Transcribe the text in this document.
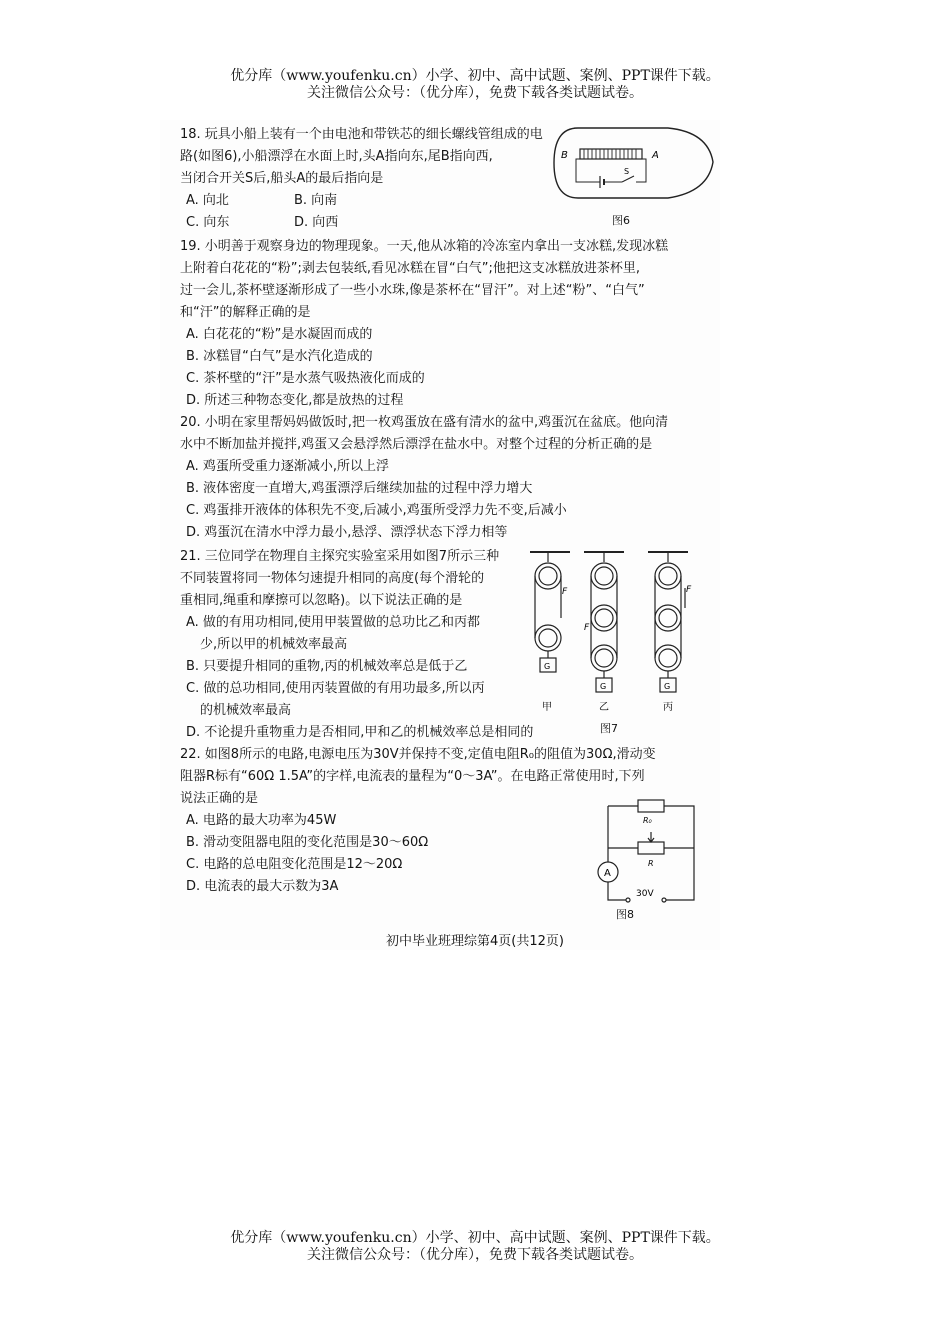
优分库（www.youfenku.cn）小学、初中、高中试题、案例、PPT课件下载。
关注微信公众号：（优分库），免费下载各类试题试卷。
18. 玩具小船上装有一个由电池和带铁芯的细长螺线管组成的电
路(如图6),小船漂浮在水面上时,头A指向东,尾B指向西,
当闭合开关S后,船头A的最后指向是
A. 向北	B. 向南
C. 向东	D. 向西
B	A
S
图6
19. 小明善于观察身边的物理现象。一天,他从冰箱的冷冻室内拿出一支冰糕,发现冰糕
上附着白花花的“粉”;剥去包装纸,看见冰糕在冒“白气”;他把这支冰糕放进茶杯里,
过一会儿,茶杯壁逐渐形成了一些小水珠,像是茶杯在“冒汗”。对上述“粉”、“白气”
和“汗”的解释正确的是
A. 白花花的“粉”是水凝固而成的
B. 冰糕冒“白气”是水汽化造成的
C. 茶杯壁的“汗”是水蒸气吸热液化而成的
D. 所述三种物态变化,都是放热的过程
20. 小明在家里帮妈妈做饭时,把一枚鸡蛋放在盛有清水的盆中,鸡蛋沉在盆底。他向清
水中不断加盐并搅拌,鸡蛋又会悬浮然后漂浮在盐水中。对整个过程的分析正确的是
A. 鸡蛋所受重力逐渐减小,所以上浮
B. 液体密度一直增大,鸡蛋漂浮后继续加盐的过程中浮力增大
C. 鸡蛋排开液体的体积先不变,后减小,鸡蛋所受浮力先不变,后减小
D. 鸡蛋沉在清水中浮力最小,悬浮、漂浮状态下浮力相等
21. 三位同学在物理自主探究实验室采用如图7所示三种
不同装置将同一物体匀速提升相同的高度(每个滑轮的
重相同,绳重和摩擦可以忽略)。以下说法正确的是
A. 做的有用功相同,使用甲装置做的总功比乙和丙都
少,所以甲的机械效率最高
B. 只要提升相同的重物,丙的机械效率总是低于乙
C. 做的总功相同,使用丙装置做的有用功最多,所以丙
的机械效率最高
D. 不论提升重物重力是否相同,甲和乙的机械效率总是相同的
F
F
F
G
G	G
甲	乙	丙
图7
22. 如图8所示的电路,电源电压为30V并保持不变,定值电阻R₀的阻值为30Ω,滑动变
阻器R标有“60Ω 1.5A”的字样,电流表的量程为“0～3A”。在电路正常使用时,下列
说法正确的是
A. 电路的最大功率为45W
B. 滑动变阻器电阻的变化范围是30～60Ω
C. 电路的总电阻变化范围是12～20Ω
D. 电流表的最大示数为3A
R₀
R
A
30V
图8
初中毕业班理综第4页(共12页)
优分库（www.youfenku.cn）小学、初中、高中试题、案例、PPT课件下载。
关注微信公众号：（优分库），免费下载各类试题试卷。
